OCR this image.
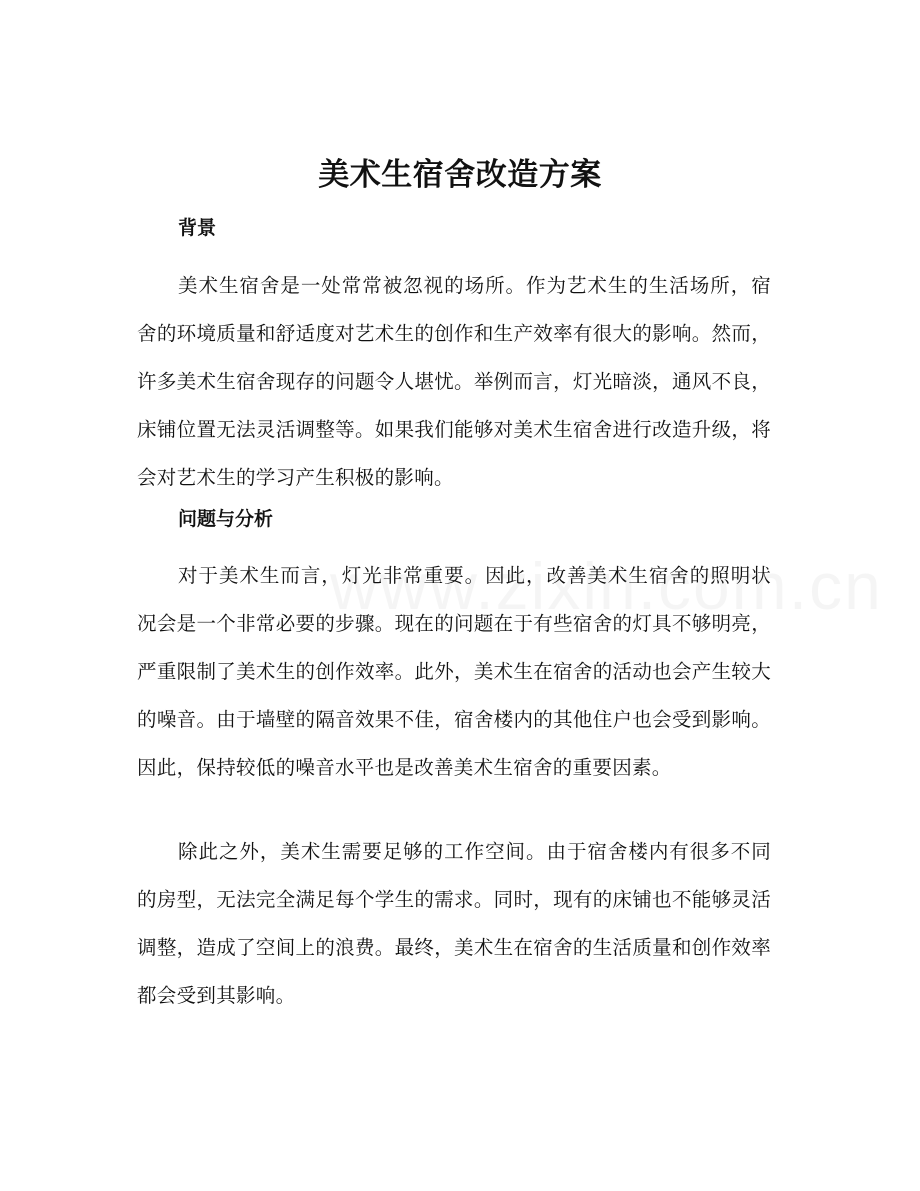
美术生宿舍改造方案
背景

美术生宿舍是一处常常被忽视的场所。作为艺术生的生活场所，宿舍的环境质量和舒适度对艺术生的创作和生产效率有很大的影响。然而，许多美术生宿舍现存的问题令人堪忧。举例而言，灯光暗淡，通风不良，床铺位置无法灵活调整等。如果我们能够对美术生宿舍进行改造升级，将会对艺术生的学习产生积极的影响。

问题与分析

对于美术生而言，灯光非常重要。因此，改善美术生宿舍的照明状况会是一个非常必要的步骤。现在的问题在于有些宿舍的灯具不够明亮，严重限制了美术生的创作效率。此外，美术生在宿舍的活动也会产生较大的噪音。由于墙壁的隔音效果不佳，宿舍楼内的其他住户也会受到影响。因此，保持较低的噪音水平也是改善美术生宿舍的重要因素。

除此之外，美术生需要足够的工作空间。由于宿舍楼内有很多不同的房型，无法完全满足每个学生的需求。同时，现有的床铺也不能够灵活调整，造成了空间上的浪费。最终，美术生在宿舍的生活质量和创作效率都会受到其影响。
